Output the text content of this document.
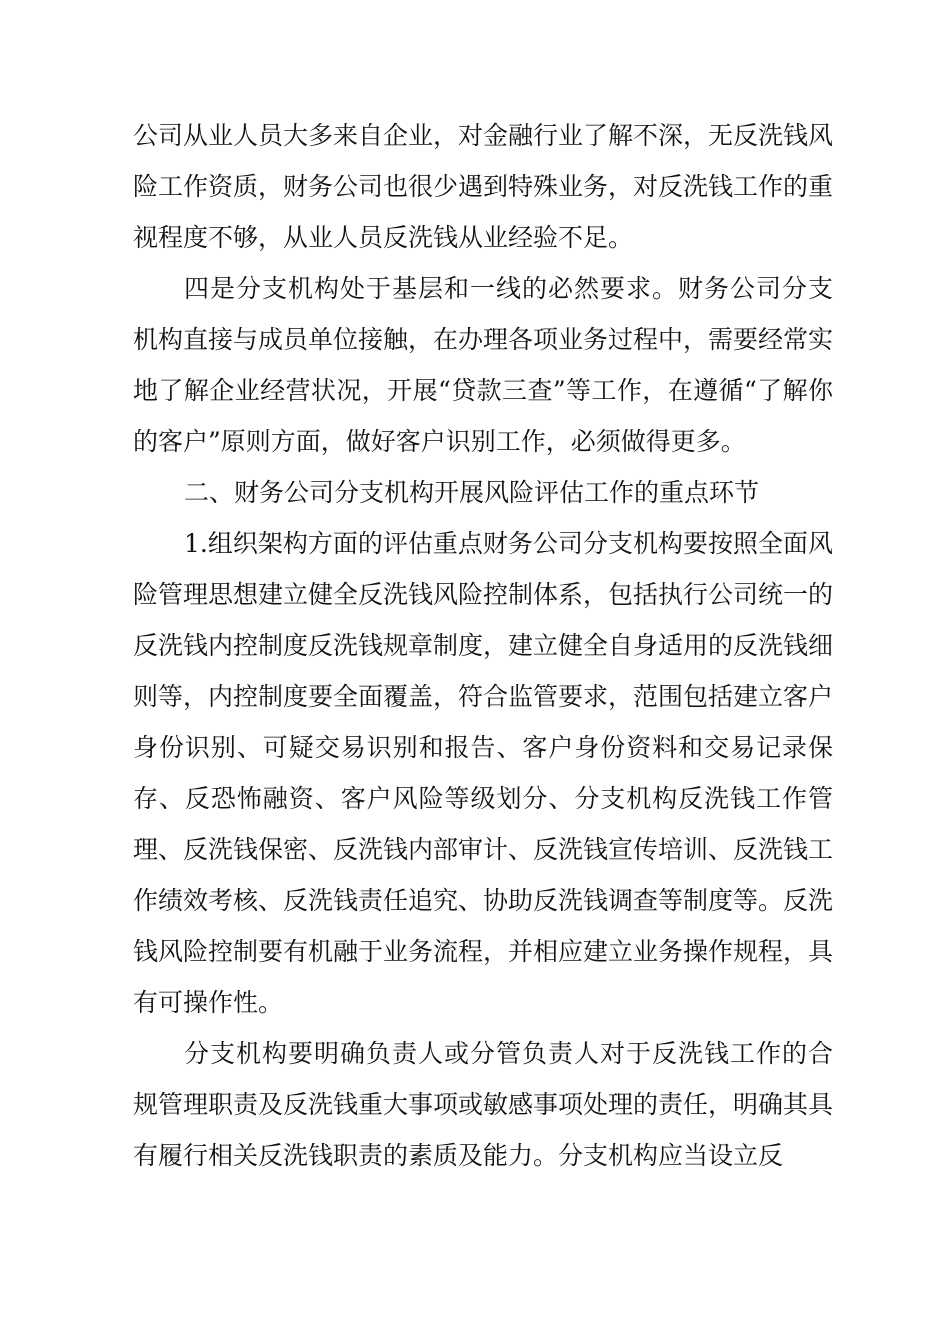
公司从业人员大多来自企业，对金融行业了解不深，无反洗钱风险工作资质，财务公司也很少遇到特殊业务，对反洗钱工作的重视程度不够，从业人员反洗钱从业经验不足。

四是分支机构处于基层和一线的必然要求。财务公司分支机构直接与成员单位接触，在办理各项业务过程中，需要经常实地了解企业经营状况，开展“贷款三查”等工作，在遵循“了解你的客户”原则方面，做好客户识别工作，必须做得更多。

二、财务公司分支机构开展风险评估工作的重点环节

1.组织架构方面的评估重点财务公司分支机构要按照全面风险管理思想建立健全反洗钱风险控制体系，包括执行公司统一的反洗钱内控制度反洗钱规章制度，建立健全自身适用的反洗钱细则等，内控制度要全面覆盖，符合监管要求，范围包括建立客户身份识别、可疑交易识别和报告、客户身份资料和交易记录保存、反恐怖融资、客户风险等级划分、分支机构反洗钱工作管理、反洗钱保密、反洗钱内部审计、反洗钱宣传培训、反洗钱工作绩效考核、反洗钱责任追究、协助反洗钱调查等制度等。反洗钱风险控制要有机融于业务流程，并相应建立业务操作规程，具有可操作性。

分支机构要明确负责人或分管负责人对于反洗钱工作的合规管理职责及反洗钱重大事项或敏感事项处理的责任，明确其具有履行相关反洗钱职责的素质及能力。分支机构应当设立反
